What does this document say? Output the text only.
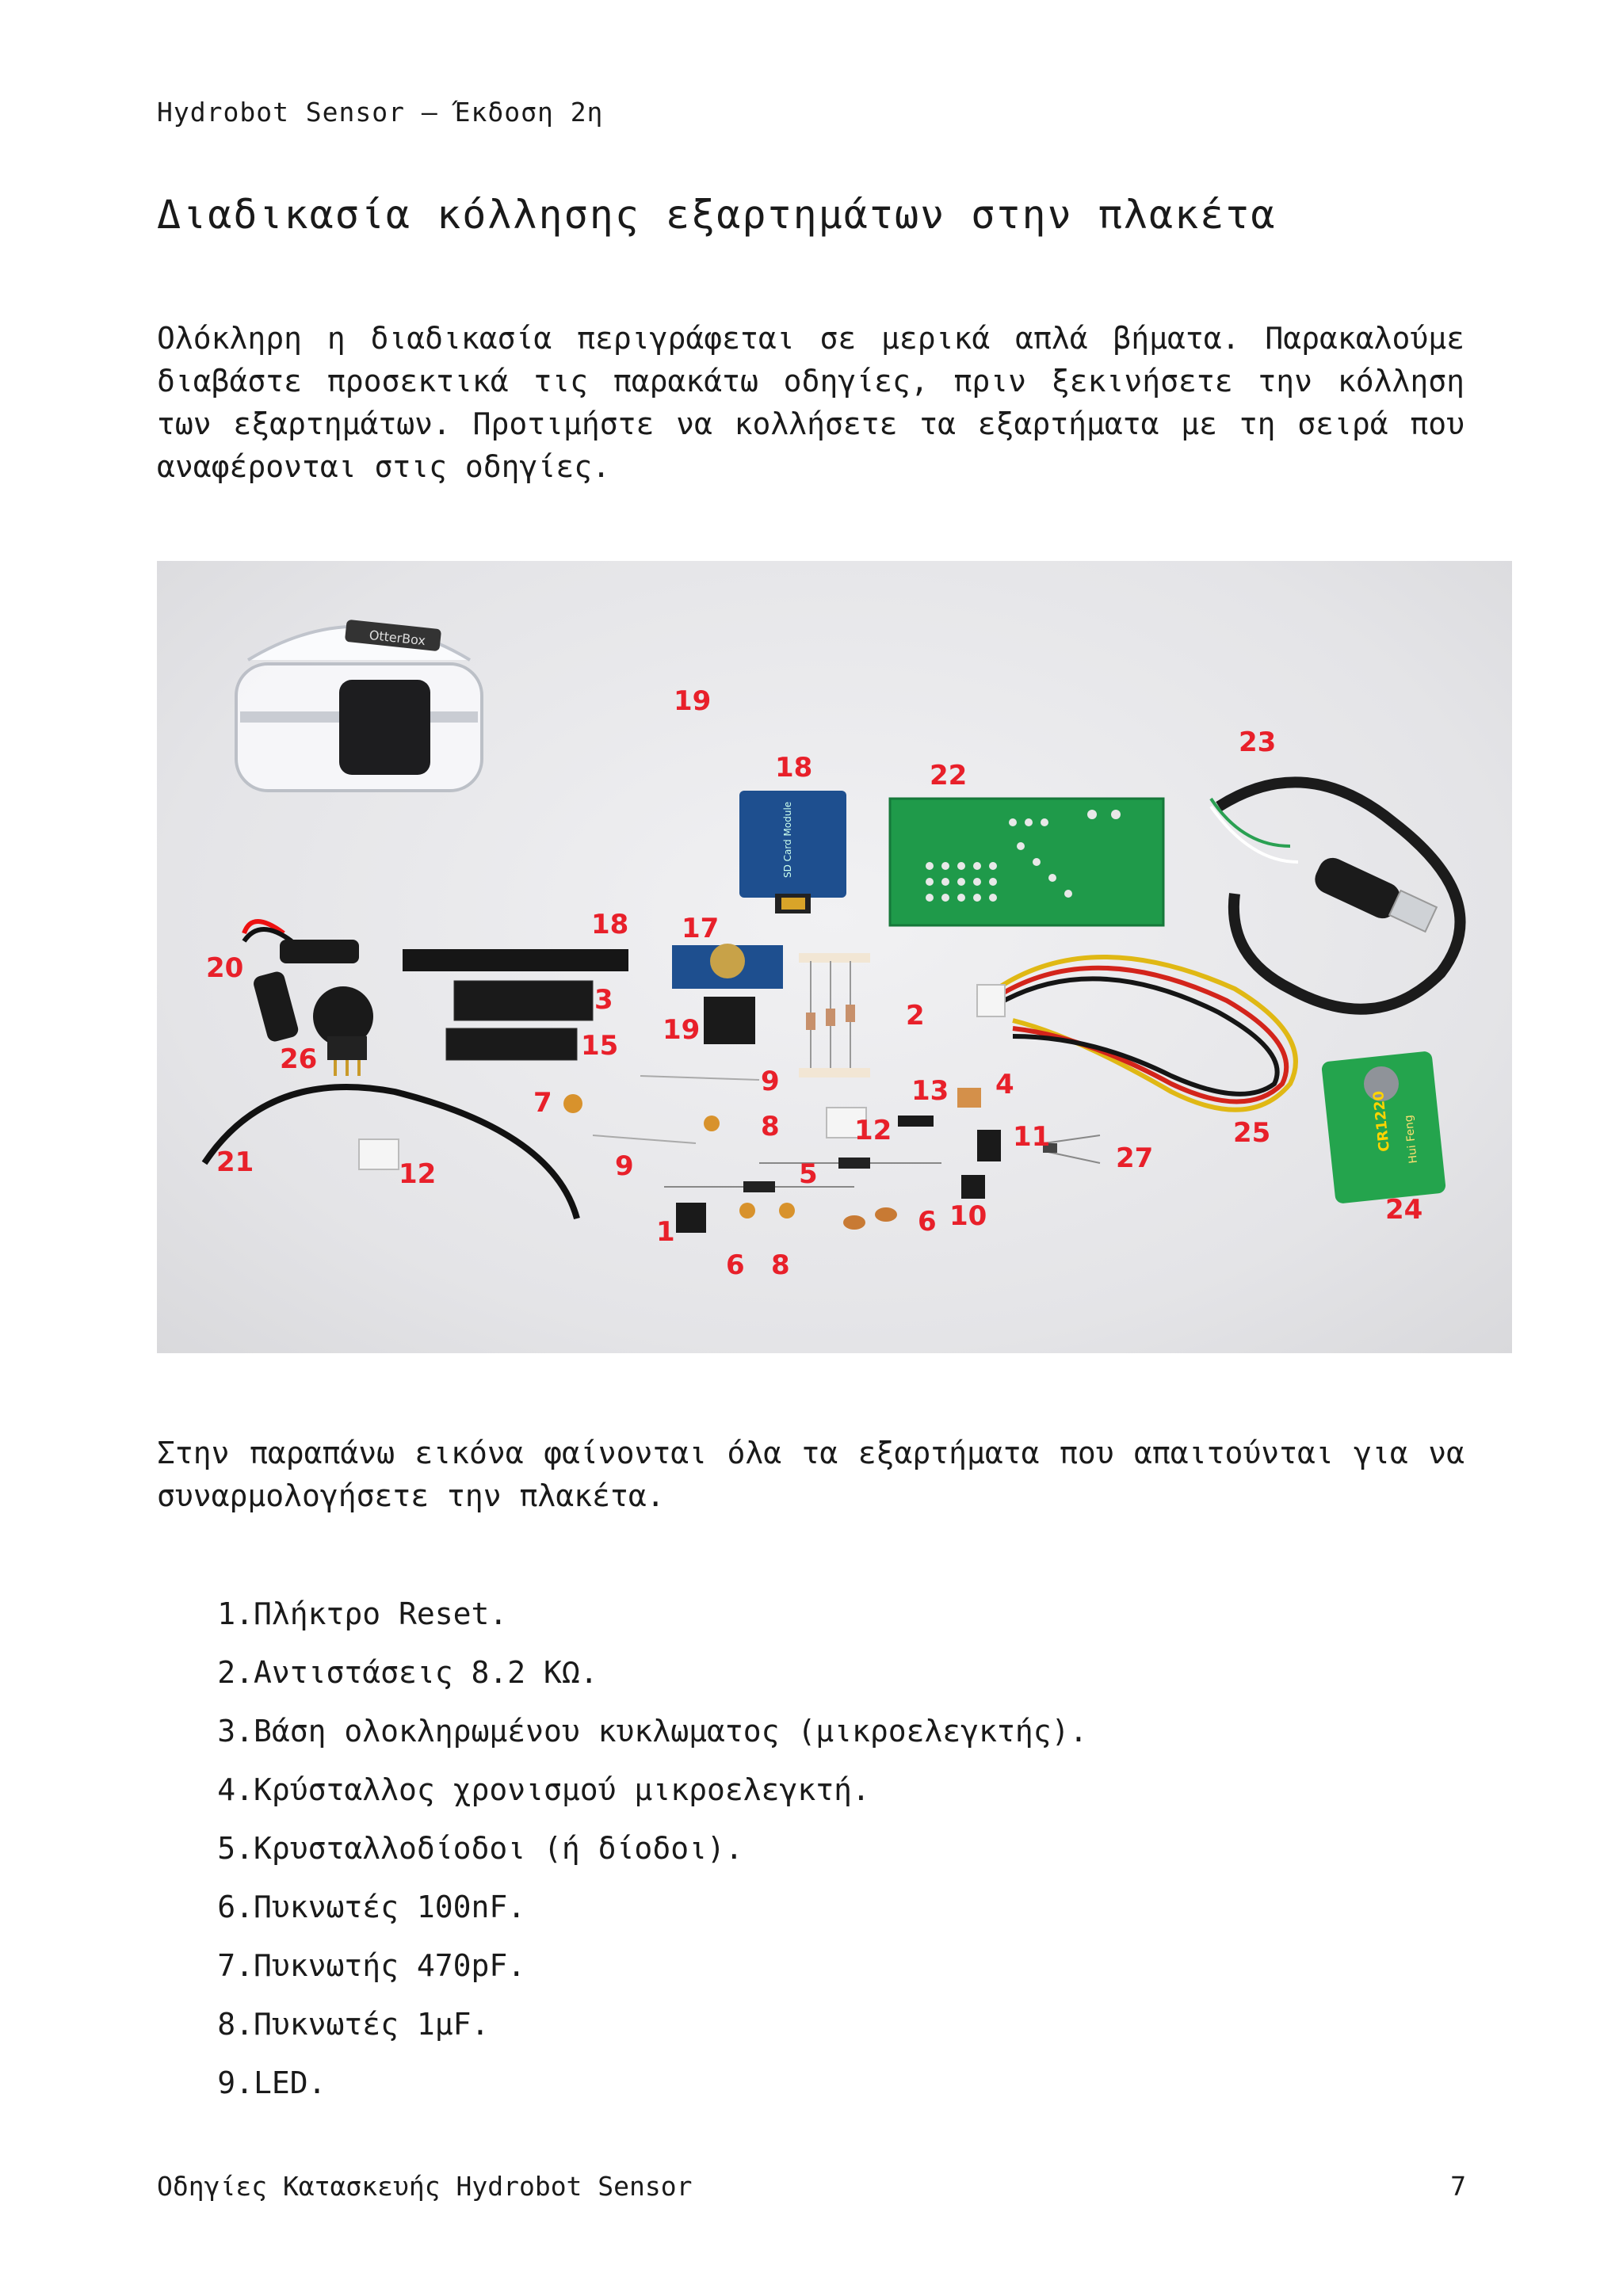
Hydrobot Sensor – Έκδοση 2η
Διαδικασία κόλλησης εξαρτημάτων στην πλακέτα

Ολόκληρη η διαδικασία περιγράφεται σε μερικά απλά βήματα. Παρακαλούμε διαβάστε προσεκτικά τις παρακάτω οδηγίες, πριν ξεκινήσετε την κόλληση των εξαρτημάτων. Προτιμήστε να κολλήσετε τα εξαρτήματα με τη σειρά που αναφέρονται στις οδηγίες.

OtterBox
SD Card Module
CR1220 Hui Feng
19
18	22
23
18 17
20
3
19
15
26
2
7
9
8
13 4
12	11	25
21	12	9	5	27
24
1
6
10
6
8

Στην παραπάνω εικόνα φαίνονται όλα τα εξαρτήματα που απαιτούνται για να συναρμολογήσετε την πλακέτα.

1.Πλήκτρο Reset.
2.Αντιστάσεις 8.2 ΚΩ.
3.Βάση ολοκληρωμένου κυκλωματος (μικροελεγκτής).
4.Κρύσταλλος χρονισμού μικροελεγκτή.
5.Κρυσταλλοδίοδοι (ή δίοδοι).
6.Πυκνωτές 100nF.
7.Πυκνωτής 470pF.
8.Πυκνωτές 1μF.
9.LED.
Οδηγίες Κατασκευής Hydrobot Sensor	7
